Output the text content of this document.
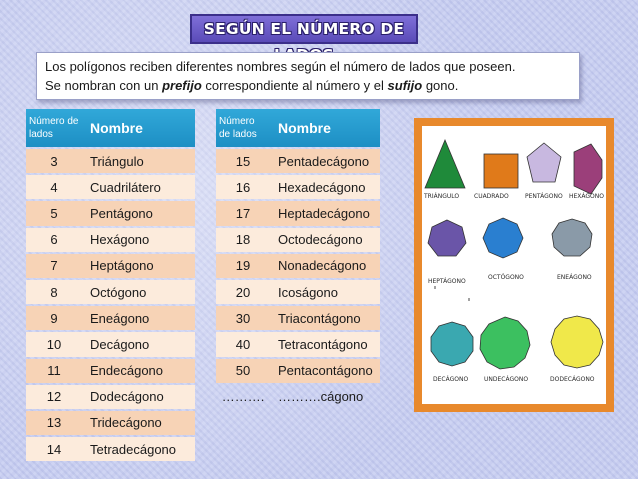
SEGÚN EL NÚMERO DE
Los polígonos reciben diferentes nombres según el número de lados que poseen.
Se nombran con un prefijo correspondiente al número y el sufijo gono.
Número de lados	Nombre
3	Triángulo
4	Cuadrilátero
5	Pentágono
6	Hexágono
7	Heptágono
8	Octógono
9	Eneágono
10	Decágono
11	Endecágono
12	Dodecágono
13	Tridecágono
14	Tetradecágono
Número de lados	Nombre
15	Pentadecágono
16	Hexadecágono
17	Heptadecágono
18	Octodecágono
19	Nonadecágono
20	Icoságono
30	Triacontágono
40	Tetracontágono
50	Pentacontágono
……….	……….cágono
TRIÁNGULO CUADRADO	PENTÁGONO HEXÁGONO
HEPTÁGONO
OCTÓGONO	ENEÁGONO
DECÁGONO	UNDECÁGONO	DODECÁGONO
